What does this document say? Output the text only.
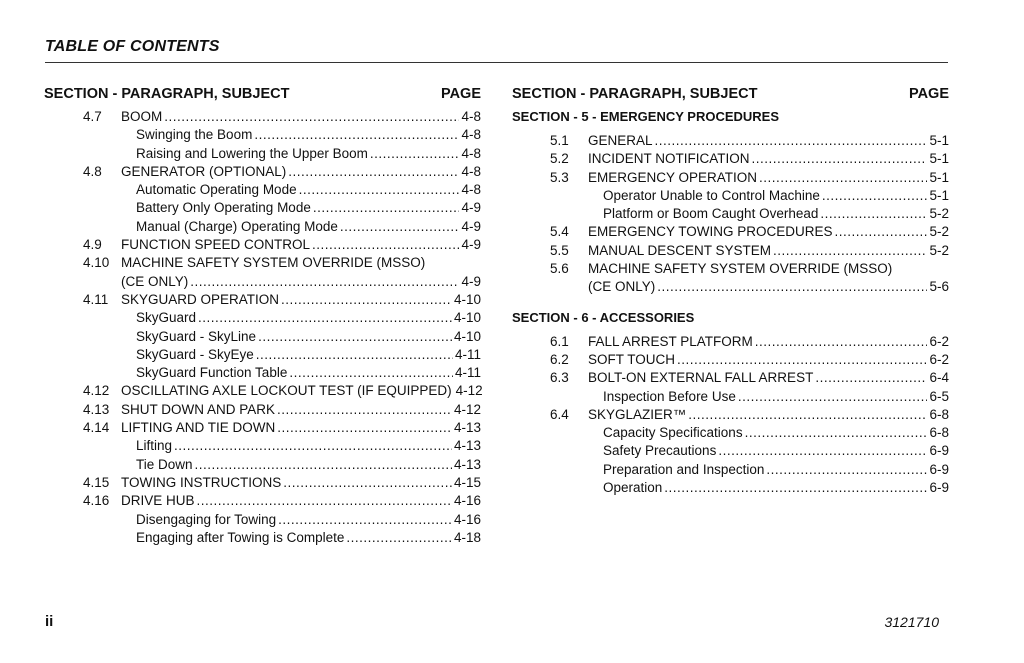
TABLE OF CONTENTS
SECTION - PARAGRAPH, SUBJECT	PAGE
4.7	BOOM .....	4-8
Swinging the Boom .....	4-8
Raising and Lowering the Upper Boom .....	4-8
4.8	GENERATOR (OPTIONAL) .....	4-8
Automatic Operating Mode .....	4-8
Battery Only Operating Mode .....	4-9
Manual (Charge) Operating Mode .....	4-9
4.9	FUNCTION SPEED CONTROL .....	4-9
4.10 MACHINE SAFETY SYSTEM OVERRIDE (MSSO)
(CE ONLY) .....	4-9
4.11 SKYGUARD OPERATION .....	4-10
SkyGuard .....	4-10
SkyGuard - SkyLine .....	4-10
SkyGuard - SkyEye .....	4-11
SkyGuard Function Table .....	4-11
4.12 OSCILLATING AXLE LOCKOUT TEST (IF EQUIPPED) 4-12
4.13 SHUT DOWN AND PARK .....	4-12
4.14 LIFTING AND TIE DOWN .....	4-13
Lifting .....	4-13
Tie Down .....	4-13
4.15 TOWING INSTRUCTIONS .....	4-15
4.16 DRIVE HUB .....	4-16
Disengaging for Towing .....	4-16
Engaging after Towing is Complete .....	4-18
SECTION - PARAGRAPH, SUBJECT	PAGE
SECTION - 5 - EMERGENCY PROCEDURES
5.1	GENERAL .....	5-1
5.2	INCIDENT NOTIFICATION .....	5-1
5.3	EMERGENCY OPERATION .....	5-1
Operator Unable to Control Machine .....	5-1
Platform or Boom Caught Overhead .....	5-2
5.4	EMERGENCY TOWING PROCEDURES .....	5-2
5.5	MANUAL DESCENT SYSTEM .....	5-2
5.6	MACHINE SAFETY SYSTEM OVERRIDE (MSSO)
(CE ONLY) .....	5-6
SECTION - 6 - ACCESSORIES
6.1	FALL ARREST PLATFORM .....	6-2
6.2	SOFT TOUCH .....	6-2
6.3	BOLT-ON EXTERNAL FALL ARREST .....	6-4
Inspection Before Use .....	6-5
6.4	SKYGLAZIER™ .....	6-8
Capacity Specifications .....	6-8
Safety Precautions .....	6-9
Preparation and Inspection .....	6-9
Operation .....	6-9
ii	3121710
